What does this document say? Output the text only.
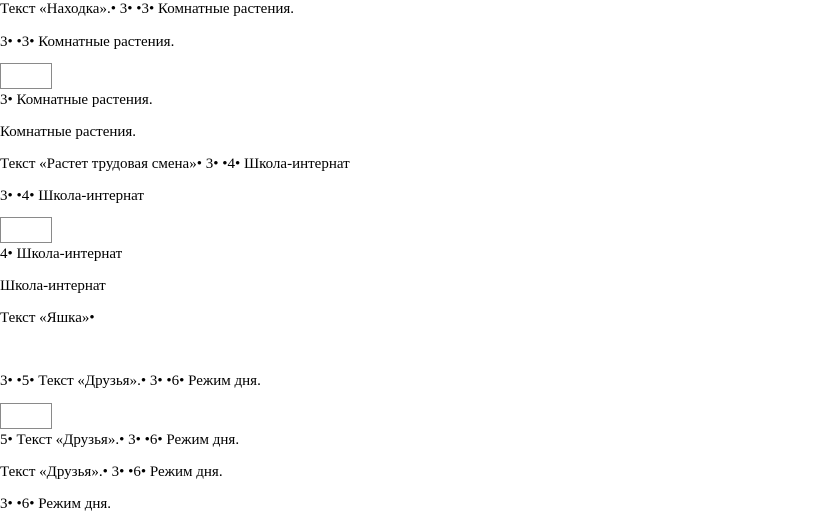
Текст «Находка».• 3• •3• Комнатные растения.
3• •3• Комнатные растения.
3• Комнатные растения.
Комнатные растения.
Текст «Растет трудовая смена»• 3• •4• Школа-интернат
3• •4• Школа-интернат
4• Школа-интернат
Школа-интернат
Текст «Яшка»•
3• •5• Текст «Друзья».• 3• •6• Режим дня.
5• Текст «Друзья».• 3• •6• Режим дня.
Текст «Друзья».• 3• •6• Режим дня.
3• •6• Режим дня.
